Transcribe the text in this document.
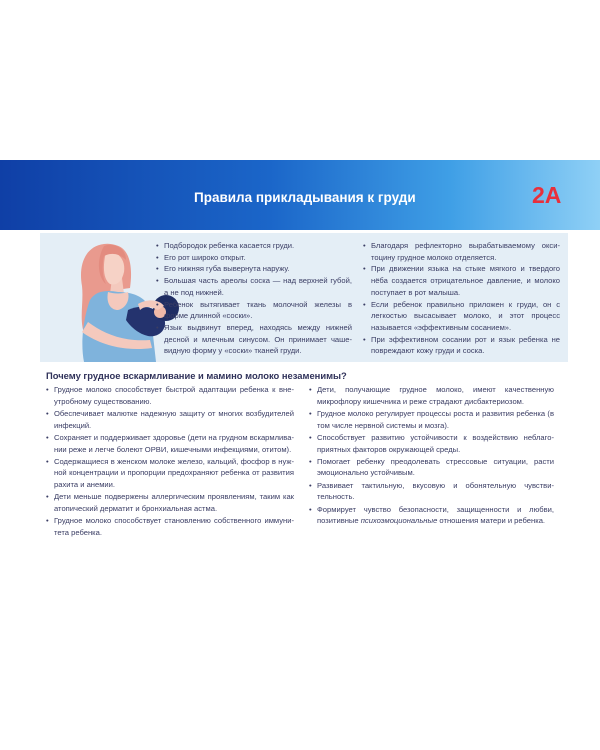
Правила прикладывания к груди	2А
• Подбородок ребенка касается груди.
• Его рот широко открыт.
• Его нижняя губа вывернута наружу.
• Большая часть ареолы соска — над верхней губой, а не под нижней.
• Ребенок вытягивает ткань молочной железы в форме длинной «соски».
• Язык выдвинут вперед, находясь между нижней десной и млечным синусом. Он принимает чашевидную форму у «соски» тканей груди.
• Благодаря рефлекторно вырабатываемому окситоцину грудное молоко отделяется.
• При движении языка на стыке мягкого и твердого нёба создается отрицательное давление, и молоко поступает в рот малыша.
• Если ребенок правильно приложен к груди, он с легкостью высасывает молоко, и этот процесс называется «эффективным сосанием».
• При эффективном сосании рот и язык ребенка не повреждают кожу груди и соска.
Почему грудное вскармливание и мамино молоко незаменимы?
• Грудное молоко способствует быстрой адаптации ребенка к внеутробному существованию.
• Обеспечивает малютке надежную защиту от многих возбудителей инфекций.
• Сохраняет и поддерживает здоровье (дети на грудном вскармливании реже и легче болеют ОРВИ, кишечными инфекциями, отитом).
• Содержащиеся в женском молоке железо, кальций, фосфор в нужной концентрации и пропорции предохраняют ребенка от развития рахита и анемии.
• Дети меньше подвержены аллергическим проявлениям, таким как атопический дерматит и бронхиальная астма.
• Грудное молоко способствует становлению собственного иммунитета ребенка.
• Дети, получающие грудное молоко, имеют качественную микрофлору кишечника и реже страдают дисбактериозом.
• Грудное молоко регулирует процессы роста и развития ребенка (в том числе нервной системы и мозга).
• Способствует развитию устойчивости к воздействию неблагоприятных факторов окружающей среды.
• Помогает ребенку преодолевать стрессовые ситуации, расти эмоционально устойчивым.
• Развивает тактильную, вкусовую и обонятельную чувствительность.
• Формирует чувство безопасности, защищенности и любви, позитивные психоэмоциональные отношения матери и ребенка.
